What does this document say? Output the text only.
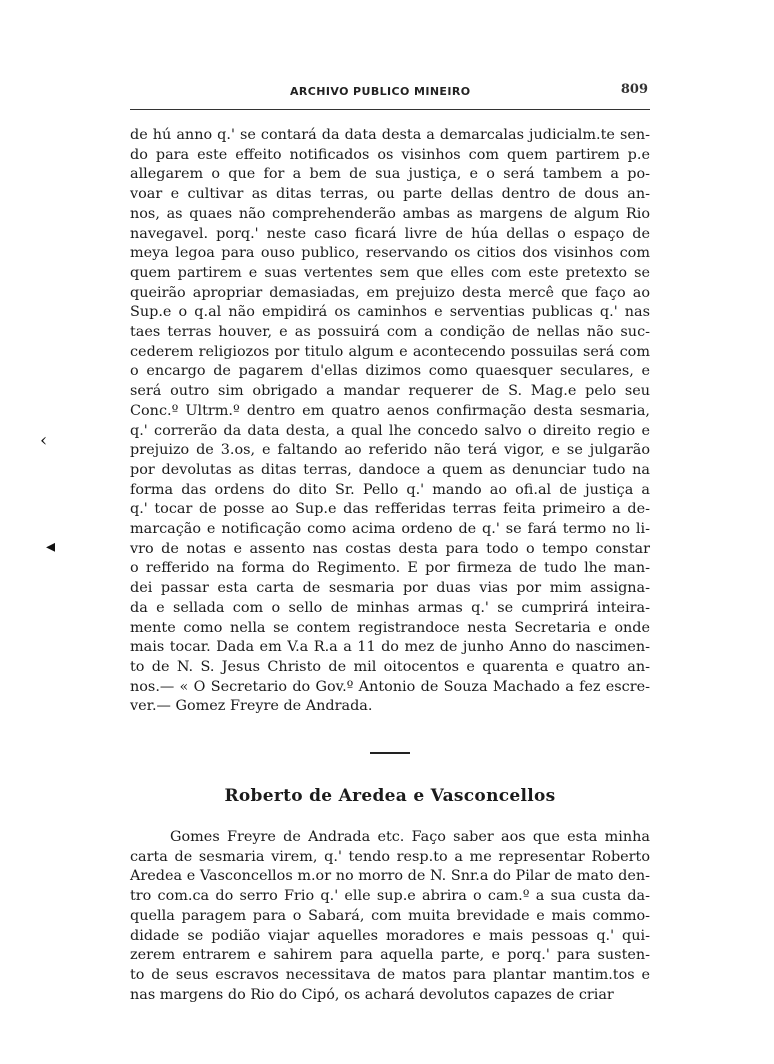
ARCHIVO PUBLICO MINEIRO	809
de hú anno q.' se contará da data desta a demarcalas judicialm.te sen-
do para este effeito notificados os visinhos com quem partirem p.e
allegarem o que for a bem de sua justiça, e o será tambem a po-
voar e cultivar as ditas terras, ou parte dellas dentro de dous an-
nos, as quaes não comprehenderão ambas as margens de algum Rio
navegavel. porq.' neste caso ficará livre de húa dellas o espaço de
meya legoa para ouso publico, reservando os citios dos visinhos com
quem partirem e suas vertentes sem que elles com este pretexto se
queirão apropriar demasiadas, em prejuizo desta mercê que faço ao
Sup.e o q.al não empidirá os caminhos e serventias publicas q.' nas
taes terras houver, e as possuirá com a condição de nellas não suc-
cederem religiozos por titulo algum e acontecendo possuilas será com
o encargo de pagarem d'ellas dizimos como quaesquer seculares, e
será outro sim obrigado a mandar requerer de S. Mag.e pelo seu
Conc.º Ultrm.º dentro em quatro aenos confirmação desta sesmaria,
q.' correrão da data desta, a qual lhe concedo salvo o direito regio e
prejuizo de 3.os, e faltando ao referido não terá vigor, e se julgarão
por devolutas as ditas terras, dandoce a quem as denunciar tudo na
forma das ordens do dito Sr. Pello q.' mando ao ofi.al de justiça a
q.' tocar de posse ao Sup.e das refferidas terras feita primeiro a de-
marcação e notificação como acima ordeno de q.' se fará termo no li-
vro de notas e assento nas costas desta para todo o tempo constar
o refferido na forma do Regimento. E por firmeza de tudo lhe man-
dei passar esta carta de sesmaria por duas vias por mim assigna-
da e sellada com o sello de minhas armas q.' se cumprirá inteira-
mente como nella se contem registrandoce nesta Secretaria e onde
mais tocar. Dada em V.a R.a a 11 do mez de junho Anno do nascimen-
to de N. S. Jesus Christo de mil oitocentos e quarenta e quatro an-
nos.— « O Secretario do Gov.º Antonio de Souza Machado a fez escre-
ver.— Gomez Freyre de Andrada.
‹
◂
Roberto de Aredea e Vasconcellos
Gomes Freyre de Andrada etc. Faço saber aos que esta minha
carta de sesmaria virem, q.' tendo resp.to a me representar Roberto
Aredea e Vasconcellos m.or no morro de N. Snr.a do Pilar de mato den-
tro com.ca do serro Frio q.' elle sup.e abrira o cam.º a sua custa da-
quella paragem para o Sabará, com muita brevidade e mais commo-
didade se podião viajar aquelles moradores e mais pessoas q.' qui-
zerem entrarem e sahirem para aquella parte, e porq.' para susten-
to de seus escravos necessitava de matos para plantar mantim.tos e
nas margens do Rio do Cipó, os achará devolutos capazes de criar
